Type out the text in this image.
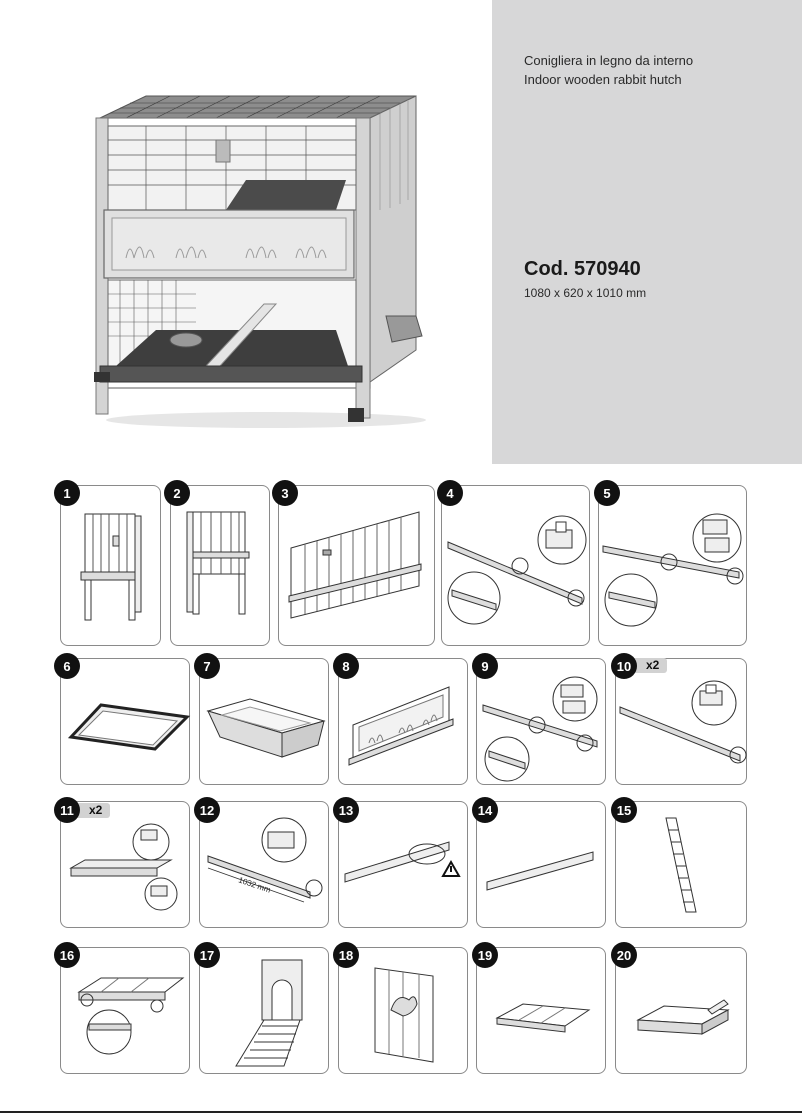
Conigliera in legno da interno
Indoor wooden rabbit hutch
Cod. 570940
1080 x 620 x 1010 mm
1032 mm
1	2	3	4	5
6	7	8	9	10	x2
11	x2	12	13	14	15
16	17	18	19	20
